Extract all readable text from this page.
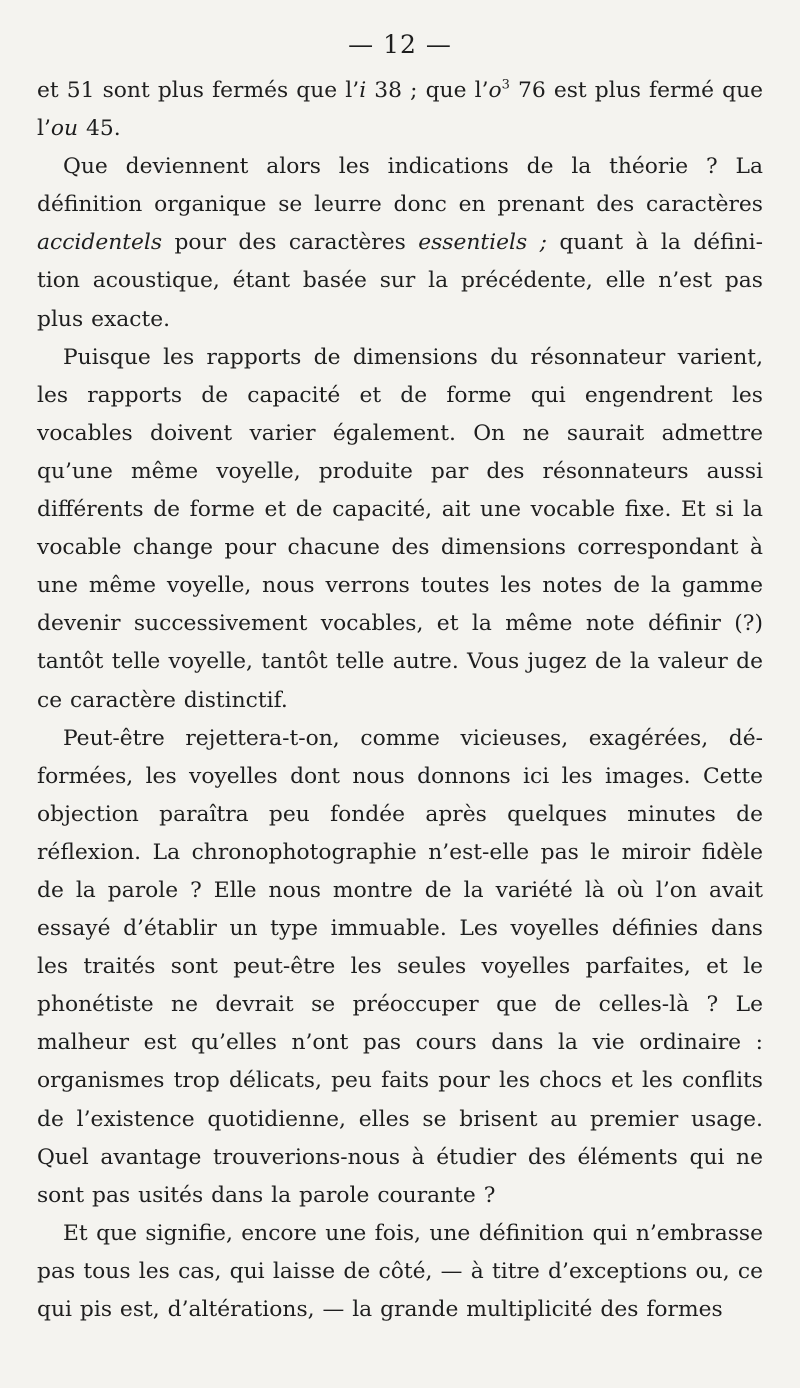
— 12 —

et 51 sont plus fermés que l’i 38 ; que $l’o^3$ 76 est plus fermé que l’ou 45.

Que deviennent alors les indications de la théorie ? La définition organique se leurre donc en prenant des caractères accidentels pour des caractères essentiels ; quant à la défini- tion acoustique, étant basée sur la précédente, elle n’est pas plus exacte.

Puisque les rapports de dimensions du résonnateur varient, les rapports de capacité et de forme qui engendrent les vocables doivent varier également. On ne saurait admettre qu’une même voyelle, produite par des résonnateurs aussi différents de forme et de capacité, ait une vocable fixe. Et si la vocable change pour chacune des dimensions correspondant à une même voyelle, nous verrons toutes les notes de la gamme devenir successivement vocables, et la même note définir (?) tantôt telle voyelle, tantôt telle autre. Vous jugez de la valeur de ce caractère distinctif.

Peut-être rejettera-t-on, comme vicieuses, exagérées, dé- formées, les voyelles dont nous donnons ici les images. Cette objection paraîtra peu fondée après quelques minutes de réflexion. La chronophotographie n’est-elle pas le miroir fidèle de la parole ? Elle nous montre de la variété là où l’on avait essayé d’établir un type immuable. Les voyelles définies dans les traités sont peut-être les seules voyelles parfaites, et le phonétiste ne devrait se préoccuper que de celles-là ? Le malheur est qu’elles n’ont pas cours dans la vie ordinaire : organismes trop délicats, peu faits pour les chocs et les conflits de l’existence quotidienne, elles se brisent au premier usage. Quel avantage trouverions-nous à étudier des éléments qui ne sont pas usités dans la parole courante ?

Et que signifie, encore une fois, une définition qui n’embrasse pas tous les cas, qui laisse de côté, — à titre d’exceptions ou, ce qui pis est, d’altérations, — la grande multiplicité des formes
